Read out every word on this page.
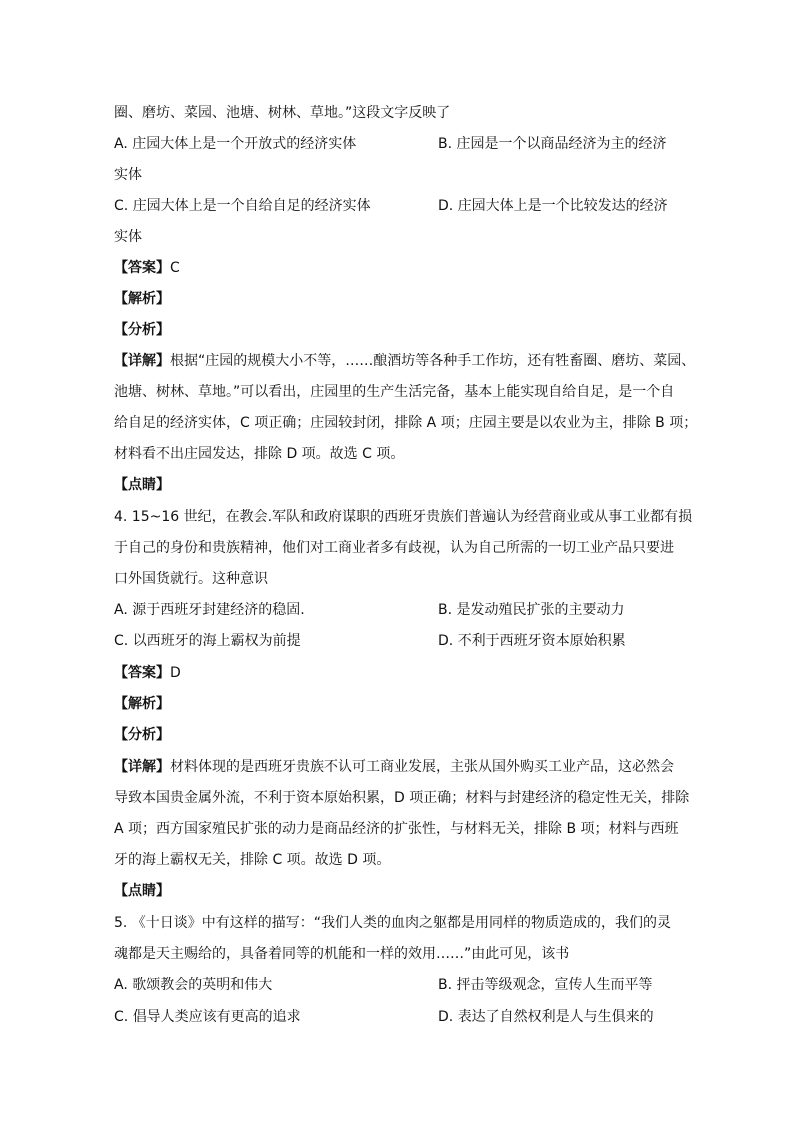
圈、磨坊、菜园、池塘、树林、草地。”这段文字反映了
A. 庄园大体上是一个开放式的经济实体	B. 庄园是一个以商品经济为主的经济
实体
C. 庄园大体上是一个自给自足的经济实体	D. 庄园大体上是一个比较发达的经济
实体
【答案】C
【解析】
【分析】
【详解】根据“庄园的规模大小不等，……酿酒坊等各种手工作坊，还有牲畜圈、磨坊、菜园、
池塘、树林、草地。”可以看出，庄园里的生产生活完备，基本上能实现自给自足，是一个自
给自足的经济实体，C 项正确；庄园较封闭，排除 A 项；庄园主要是以农业为主，排除 B 项；
材料看不出庄园发达，排除 D 项。故选 C 项。
【点睛】
4. 15~16 世纪，在教会.军队和政府谋职的西班牙贵族们普遍认为经营商业或从事工业都有损
于自己的身份和贵族精神，他们对工商业者多有歧视，认为自己所需的一切工业产品只要进
口外国货就行。这种意识
A. 源于西班牙封建经济的稳固.	B. 是发动殖民扩张的主要动力
C. 以西班牙的海上霸权为前提	D. 不利于西班牙资本原始积累
【答案】D
【解析】
【分析】
【详解】材料体现的是西班牙贵族不认可工商业发展，主张从国外购买工业产品，这必然会
导致本国贵金属外流，不利于资本原始积累，D 项正确；材料与封建经济的稳定性无关，排除
A 项；西方国家殖民扩张的动力是商品经济的扩张性，与材料无关，排除 B 项；材料与西班
牙的海上霸权无关，排除 C 项。故选 D 项。
【点睛】
5. 《十日谈》中有这样的描写：“我们人类的血肉之躯都是用同样的物质造成的，我们的灵
魂都是天主赐给的，具备着同等的机能和一样的效用……”由此可见，该书
A. 歌颂教会的英明和伟大	B. 抨击等级观念，宣传人生而平等
C. 倡导人类应该有更高的追求	D. 表达了自然权利是人与生俱来的
